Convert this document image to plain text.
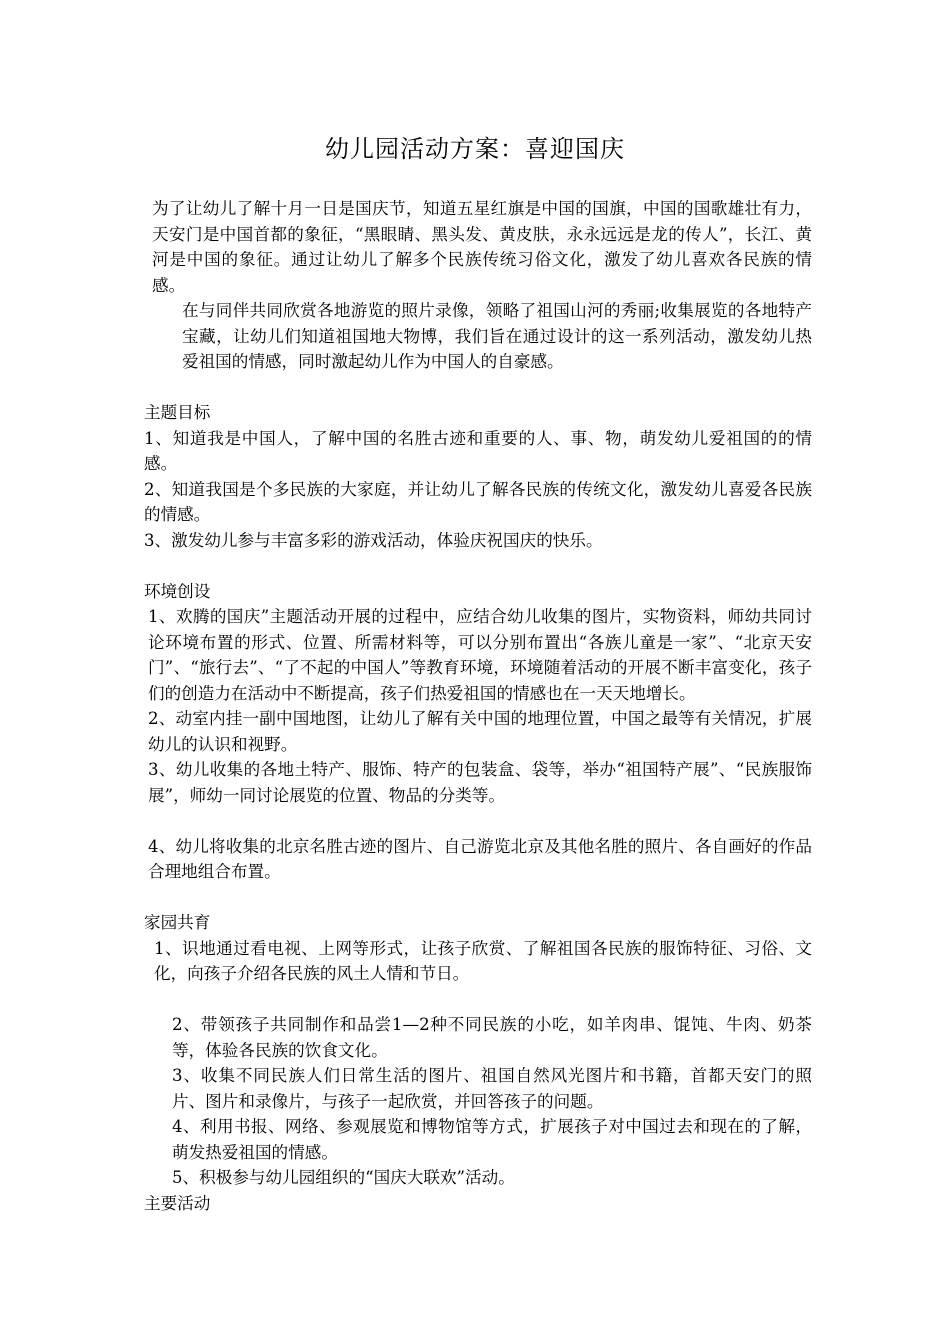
幼儿园活动方案：喜迎国庆

为了让幼儿了解十月一日是国庆节，知道五星红旗是中国的国旗，中国的国歌雄壮有力，天安门是中国首都的象征，“黑眼睛、黑头发、黄皮肤，永永远远是龙的传人”，长江、黄河是中国的象征。通过让幼儿了解多个民族传统习俗文化，激发了幼儿喜欢各民族的情感。

在与同伴共同欣赏各地游览的照片录像，领略了祖国山河的秀丽;收集展览的各地特产宝藏，让幼儿们知道祖国地大物博，我们旨在通过设计的这一系列活动，激发幼儿热爱祖国的情感，同时激起幼儿作为中国人的自豪感。

主题目标

1、知道我是中国人，了解中国的名胜古迹和重要的人、事、物，萌发幼儿爱祖国的的情感。

2、知道我国是个多民族的大家庭，并让幼儿了解各民族的传统文化，激发幼儿喜爱各民族的情感。

3、激发幼儿参与丰富多彩的游戏活动，体验庆祝国庆的快乐。

环境创设

1、欢腾的国庆”主题活动开展的过程中，应结合幼儿收集的图片，实物资料，师幼共同讨论环境布置的形式、位置、所需材料等，可以分别布置出“各族儿童是一家”、“北京天安门”、“旅行去”、“了不起的中国人”等教育环境，环境随着活动的开展不断丰富变化，孩子们的创造力在活动中不断提高，孩子们热爱祖国的情感也在一天天地增长。

2、动室内挂一副中国地图，让幼儿了解有关中国的地理位置，中国之最等有关情况，扩展幼儿的认识和视野。

3、幼儿收集的各地土特产、服饰、特产的包装盒、袋等，举办“祖国特产展”、“民族服饰展”，师幼一同讨论展览的位置、物品的分类等。

4、幼儿将收集的北京名胜古迹的图片、自己游览北京及其他名胜的照片、各自画好的作品合理地组合布置。

家园共育

1、识地通过看电视、上网等形式，让孩子欣赏、了解祖国各民族的服饰特征、习俗、文化，向孩子介绍各民族的风土人情和节日。

2、带领孩子共同制作和品尝1—2种不同民族的小吃，如羊肉串、馄饨、牛肉、奶茶等，体验各民族的饮食文化。

3、收集不同民族人们日常生活的图片、祖国自然风光图片和书籍，首都天安门的照片、图片和录像片，与孩子一起欣赏，并回答孩子的问题。

4、利用书报、网络、参观展览和博物馆等方式，扩展孩子对中国过去和现在的了解，萌发热爱祖国的情感。

5、积极参与幼儿园组织的“国庆大联欢”活动。

主要活动
